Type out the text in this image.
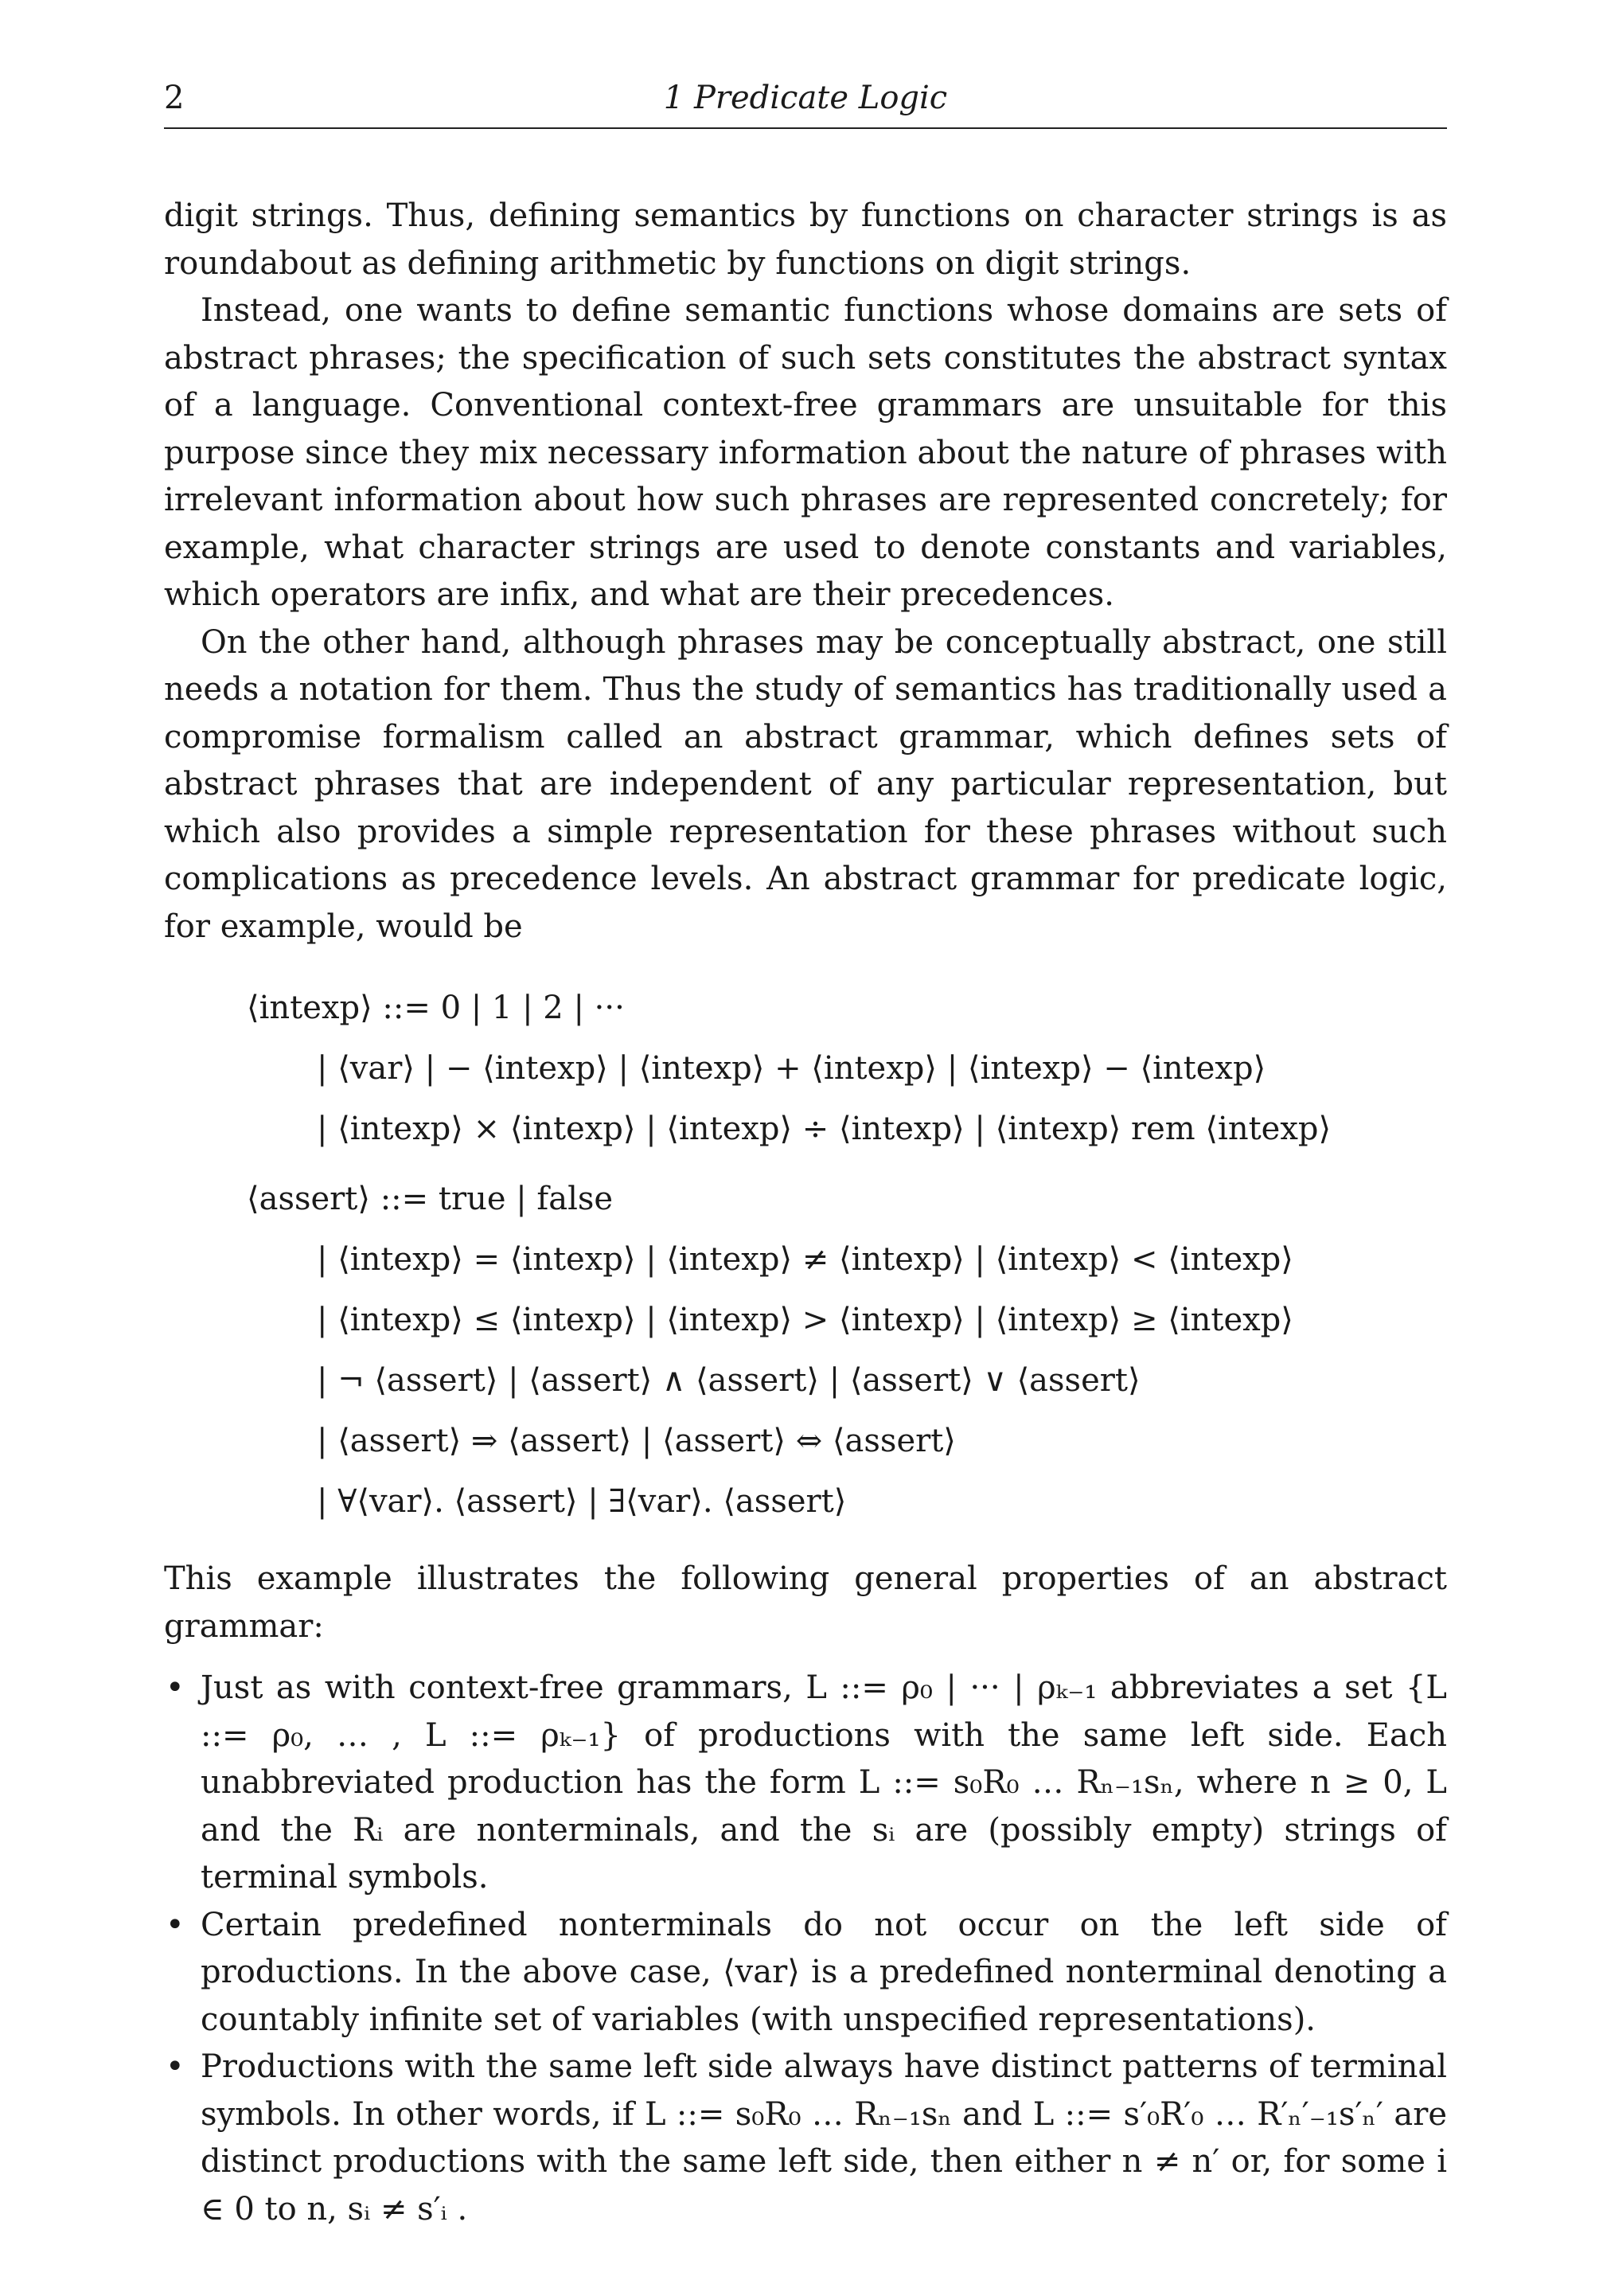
2	1 Predicate Logic

digit strings. Thus, defining semantics by functions on character strings is as roundabout as defining arithmetic by functions on digit strings.

Instead, one wants to define semantic functions whose domains are sets of abstract phrases; the specification of such sets constitutes the abstract syntax of a language. Conventional context-free grammars are unsuitable for this purpose since they mix necessary information about the nature of phrases with irrelevant information about how such phrases are represented concretely; for example, what character strings are used to denote constants and variables, which operators are infix, and what are their precedences.

On the other hand, although phrases may be conceptually abstract, one still needs a notation for them. Thus the study of semantics has traditionally used a compromise formalism called an abstract grammar, which defines sets of abstract phrases that are independent of any particular representation, but which also provides a simple representation for these phrases without such complications as precedence levels. An abstract grammar for predicate logic, for example, would be

⟨intexp⟩ ::= 0 | 1 | 2 | ···
| ⟨var⟩ | − ⟨intexp⟩ | ⟨intexp⟩ + ⟨intexp⟩ | ⟨intexp⟩ − ⟨intexp⟩
| ⟨intexp⟩ × ⟨intexp⟩ | ⟨intexp⟩ ÷ ⟨intexp⟩ | ⟨intexp⟩ rem ⟨intexp⟩
⟨assert⟩ ::= true | false
| ⟨intexp⟩ = ⟨intexp⟩ | ⟨intexp⟩ ≠ ⟨intexp⟩ | ⟨intexp⟩ < ⟨intexp⟩
| ⟨intexp⟩ ≤ ⟨intexp⟩ | ⟨intexp⟩ > ⟨intexp⟩ | ⟨intexp⟩ ≥ ⟨intexp⟩
| ¬ ⟨assert⟩ | ⟨assert⟩ ∧ ⟨assert⟩ | ⟨assert⟩ ∨ ⟨assert⟩
| ⟨assert⟩ ⇒ ⟨assert⟩ | ⟨assert⟩ ⇔ ⟨assert⟩
| ∀⟨var⟩. ⟨assert⟩ | ∃⟨var⟩. ⟨assert⟩

This example illustrates the following general properties of an abstract grammar:

• Just as with context-free grammars, L ::= ρ₀ | ··· | ρₖ₋₁ abbreviates a set {L ::= ρ₀, … , L ::= ρₖ₋₁} of productions with the same left side. Each unabbreviated production has the form L ::= s₀R₀ … Rₙ₋₁sₙ, where n ≥ 0, L and the Rᵢ are nonterminals, and the sᵢ are (possibly empty) strings of terminal symbols.
• Certain predefined nonterminals do not occur on the left side of productions. In the above case, ⟨var⟩ is a predefined nonterminal denoting a countably infinite set of variables (with unspecified representations).
• Productions with the same left side always have distinct patterns of terminal symbols. In other words, if L ::= s₀R₀ … Rₙ₋₁sₙ and L ::= s′₀R′₀ … R′ₙ′₋₁s′ₙ′ are distinct productions with the same left side, then either n ≠ n′ or, for some i ∈ 0 to n, sᵢ ≠ s′ᵢ .
